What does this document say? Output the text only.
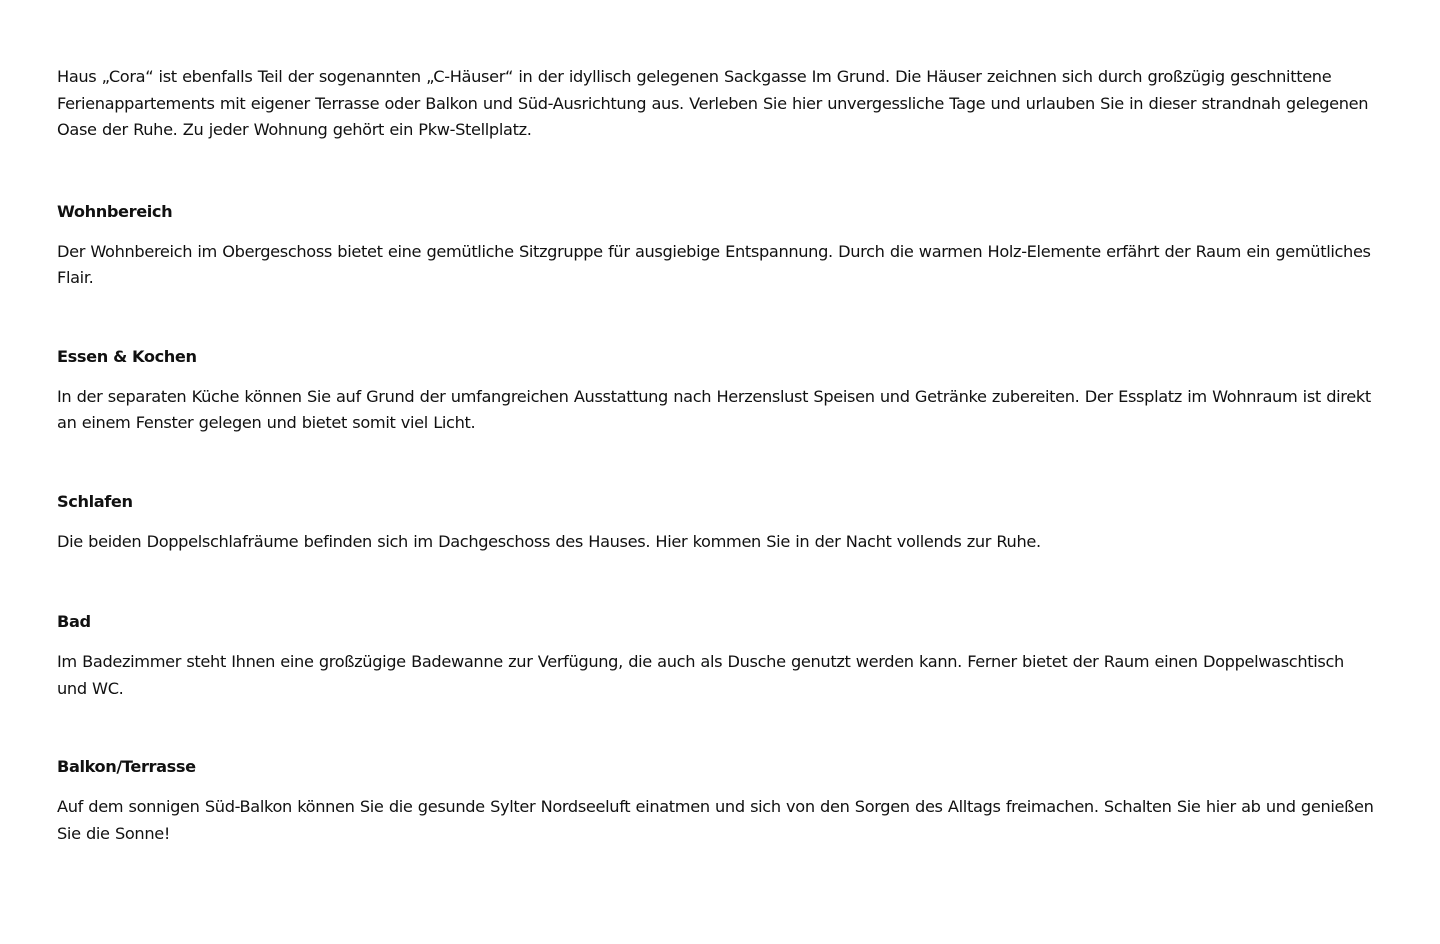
Haus „Cora“ ist ebenfalls Teil der sogenannten „C-Häuser“ in der idyllisch gelegenen Sackgasse Im Grund. Die Häuser zeichnen sich durch großzügig geschnittene Ferienappartements mit eigener Terrasse oder Balkon und Süd-Ausrichtung aus. Verleben Sie hier unvergessliche Tage und urlauben Sie in dieser strandnah gelegenen Oase der Ruhe. Zu jeder Wohnung gehört ein Pkw-Stellplatz.

Wohnbereich

Der Wohnbereich im Obergeschoss bietet eine gemütliche Sitzgruppe für ausgiebige Entspannung. Durch die warmen Holz-Elemente erfährt der Raum ein gemütliches Flair.

Essen & Kochen

In der separaten Küche können Sie auf Grund der umfangreichen Ausstattung nach Herzenslust Speisen und Getränke zubereiten. Der Essplatz im Wohnraum ist direkt an einem Fenster gelegen und bietet somit viel Licht.

Schlafen

Die beiden Doppelschlafräume befinden sich im Dachgeschoss des Hauses. Hier kommen Sie in der Nacht vollends zur Ruhe.

Bad

Im Badezimmer steht Ihnen eine großzügige Badewanne zur Verfügung, die auch als Dusche genutzt werden kann. Ferner bietet der Raum einen Doppelwaschtisch und WC.

Balkon/Terrasse

Auf dem sonnigen Süd-Balkon können Sie die gesunde Sylter Nordseeluft einatmen und sich von den Sorgen des Alltags freimachen. Schalten Sie hier ab und genießen Sie die Sonne!
